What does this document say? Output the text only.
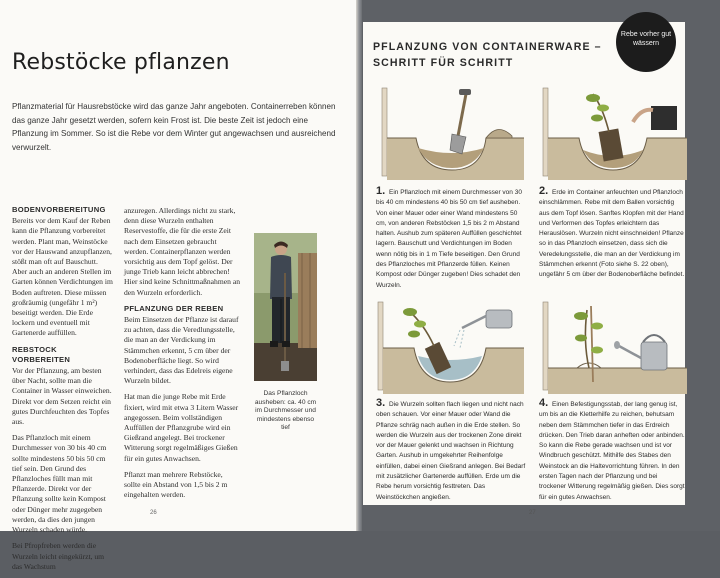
Rebstöcke pflanzen

Pflanzmaterial für Hausrebstöcke wird das ganze Jahr angeboten. Containerreben können das ganze Jahr gesetzt werden, sofern kein Frost ist. Die beste Zeit ist jedoch eine Pflanzung im Sommer. So ist die Rebe vor dem Winter gut angewachsen und ausreichend verwurzelt.

BODENVORBEREITUNG

Bereits vor dem Kauf der Reben kann die Pflanzung vorbereitet werden. Plant man, Weinstöcke vor der Hauswand anzupflanzen, stößt man oft auf Bauschutt. Aber auch an anderen Stellen im Garten können Verdichtungen im Boden auftreten. Diese müssen großräumig (ungefähr 1 m²) beseitigt werden. Die Erde lockern und eventuell mit Gartenerde auffüllen.

REBSTOCK VORBEREITEN

Vor der Pflanzung, am besten über Nacht, sollte man die Container in Wasser einweichen. Direkt vor dem Setzen reicht ein gutes Durchfeuchten des Topfes aus.

Das Pflanzloch mit einem Durchmesser von 30 bis 40 cm sollte mindestens 50 bis 50 cm tief sein. Den Grund des Pflanzloches füllt man mit Pflanzerde. Direkt vor der Pflanzung sollte kein Kompost oder Dünger mehr zugegeben werden, da dies den jungen Wurzeln schaden würde.

Bei Pfropfreben werden die Wurzeln leicht eingekürzt, um das Wachstum

anzuregen. Allerdings nicht zu stark, denn diese Wurzeln enthalten Reservestoffe, die für die erste Zeit nach dem Einsetzen gebraucht werden. Containerpflanzen werden vorsichtig aus dem Topf gelöst. Der junge Trieb kann leicht abbrechen! Hier sind keine Schnittmaßnahmen an den Wurzeln erforderlich.

PFLANZUNG DER REBEN

Beim Einsetzen der Pflanze ist darauf zu achten, dass die Veredlungsstelle, die man an der Verdickung im Stämmchen erkennt, 5 cm über der Bodenoberfläche liegt. So wird verhindert, dass das Edelreis eigene Wurzeln bildet.

Hat man die junge Rebe mit Erde fixiert, wird mit etwa 3 Litern Wasser angegossen. Beim vollständigen Auffüllen der Pflanzgrube wird ein Gießrand angelegt. Bei trockener Witterung sorgt regelmäßiges Gießen für ein gutes Anwachsen.

Pflanzt man mehrere Rebstöcke, sollte ein Abstand von 1,5 bis 2 m eingehalten werden.

Das Pflanzloch ausheben: ca. 40 cm im Durchmesser und mindestens ebenso tief

26
PFLANZUNG VON CONTAINERWARE – SCHRITT FÜR SCHRITT
Rebe vorher gut wässern
1. Ein Pflanzloch mit einem Durchmesser von 30 bis 40 cm mindestens 40 bis 50 cm tief ausheben. Von einer Mauer oder einer Wand mindestens 50 cm, von anderen Rebstöcken 1,5 bis 2 m Abstand halten. Aushub zum späteren Auffüllen geschichtet lagern. Bauschutt und Verdichtungen im Boden wenn nötig bis in 1 m Tiefe beseitigen. Den Grund des Pflanzloches mit Pflanzerde füllen. Keinen Kompost oder Dünger zugeben! Dies schadet den Wurzeln.
2. Erde im Container anfeuchten und Pflanzloch einschlämmen. Rebe mit dem Ballen vorsichtig aus dem Topf lösen. Sanftes Klopfen mit der Hand und Verformen des Topfes erleichtern das Herauslösen. Wurzeln nicht einschneiden! Pflanze so in das Pflanzloch einsetzen, dass sich die Veredelungsstelle, die man an der Verdickung im Stämmchen erkennt (Foto siehe S. 22 oben), ungefähr 5 cm über der Bodenoberfläche befindet.
3. Die Wurzeln sollten flach liegen und nicht nach oben schauen. Vor einer Mauer oder Wand die Pflanze schräg nach außen in die Erde stellen. So werden die Wurzeln aus der trockenen Zone direkt vor der Mauer gelenkt und wachsen in Richtung Garten. Aushub in umgekehrter Reihenfolge einfüllen, dabei einen Gießrand anlegen. Bei Bedarf mit zusätzlicher Gartenerde auffüllen. Erde um die Rebe herum vorsichtig festtreten. Das Weinstöckchen angießen.
4. Einen Befestigungsstab, der lang genug ist, um bis an die Kletterhilfe zu reichen, behutsam neben dem Stämmchen tiefer in das Erdreich drücken. Den Trieb daran anheften oder anbinden. So kann die Rebe gerade wachsen und ist vor Windbruch geschützt. Mithilfe des Stabes den Weinstock an die Haltevorrichtung führen. In den ersten Tagen nach der Pflanzung und bei trockener Witterung regelmäßig gießen. Dies sorgt für ein gutes Anwachsen.
27
